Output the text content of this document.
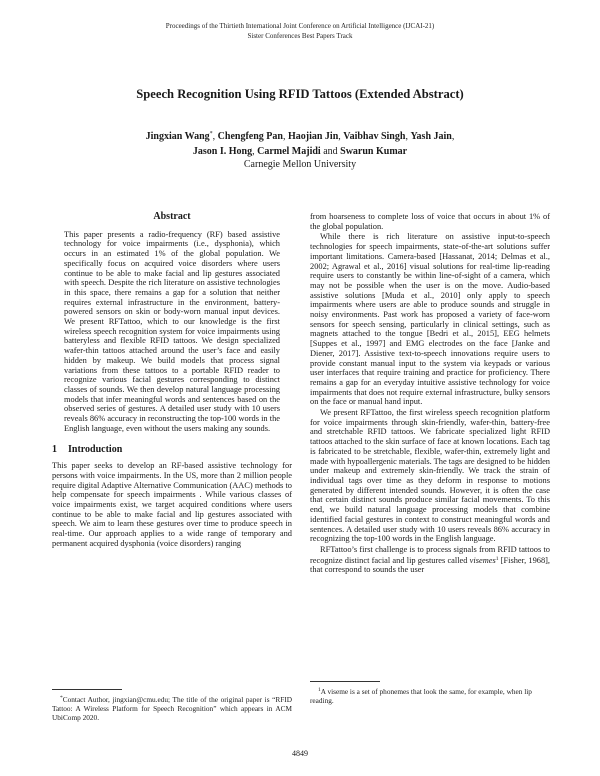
Proceedings of the Thirtieth International Joint Conference on Artificial Intelligence (IJCAI-21)
Sister Conferences Best Papers Track
Speech Recognition Using RFID Tattoos (Extended Abstract)
Jingxian Wang*, Chengfeng Pan, Haojian Jin, Vaibhav Singh, Yash Jain,
Jason I. Hong, Carmel Majidi and Swarun Kumar
Carnegie Mellon University
Abstract
This paper presents a radio-frequency (RF) based assistive technology for voice impairments (i.e., dysphonia), which occurs in an estimated 1% of the global population. We specifically focus on acquired voice disorders where users continue to be able to make facial and lip gestures associated with speech. Despite the rich literature on assistive technologies in this space, there remains a gap for a solution that neither requires external infrastructure in the environment, battery-powered sensors on skin or body-worn manual input devices. We present RFTattoo, which to our knowledge is the first wireless speech recognition system for voice impairments using batteryless and flexible RFID tattoos. We design specialized wafer-thin tattoos attached around the user’s face and easily hidden by makeup. We build models that process signal variations from these tattoos to a portable RFID reader to recognize various facial gestures corresponding to distinct classes of sounds. We then develop natural language processing models that infer meaningful words and sentences based on the observed series of gestures. A detailed user study with 10 users reveals 86% accuracy in reconstructing the top-100 words in the English language, even without the users making any sounds.
1 Introduction

This paper seeks to develop an RF-based assistive technology for persons with voice impairments. In the US, more than 2 million people require digital Adaptive Alternative Communication (AAC) methods to help compensate for speech impairments . While various classes of voice impairments exist, we target acquired conditions where users continue to be able to make facial and lip gestures associated with speech. We aim to learn these gestures over time to produce speech in real-time. Our approach applies to a wide range of temporary and permanent acquired dysphonia (voice disorders) ranging

from hoarseness to complete loss of voice that occurs in about 1% of the global population.

While there is rich literature on assistive input-to-speech technologies for speech impairments, state-of-the-art solutions suffer important limitations. Camera-based [Hassanat, 2014; Delmas et al., 2002; Agrawal et al., 2016] visual solutions for real-time lip-reading require users to constantly be within line-of-sight of a camera, which may not be possible when the user is on the move. Audio-based assistive solutions [Muda et al., 2010] only apply to speech impairments where users are able to produce sounds and struggle in noisy environments. Past work has proposed a variety of face-worn sensors for speech sensing, particularly in clinical settings, such as magnets attached to the tongue [Bedri et al., 2015], EEG helmets [Suppes et al., 1997] and EMG electrodes on the face [Janke and Diener, 2017]. Assistive text-to-speech innovations require users to provide constant manual input to the system via keypads or various user interfaces that require training and practice for proficiency. There remains a gap for an everyday intuitive assistive technology for voice impairments that does not require external infrastructure, bulky sensors on the face or manual hand input.

We present RFTattoo, the first wireless speech recognition platform for voice impairments through skin-friendly, wafer-thin, battery-free and stretchable RFID tattoos. We fabricate specialized light RFID tattoos attached to the skin surface of face at known locations. Each tag is fabricated to be stretchable, flexible, wafer-thin, extremely light and made with hypoallergenic materials. The tags are designed to be hidden under makeup and extremely skin-friendly. We track the strain of individual tags over time as they deform in response to motions generated by different intended sounds. However, it is often the case that certain distinct sounds produce similar facial movements. To this end, we build natural language processing models that combine identified facial gestures in context to construct meaningful words and sentences. A detailed user study with 10 users reveals 86% accuracy in recognizing the top-100 words in the English language.

RFTattoo’s first challenge is to process signals from RFID tattoos to recognize distinct facial and lip gestures called visemes$^1$ [Fisher, 1968], that correspond to sounds the user

*Contact Author, jingxian@cmu.edu; The title of the original paper is “RFID Tattoo: A Wireless Platform for Speech Recognition” which appears in ACM UbiComp 2020.
$^1$A viseme is a set of phonemes that look the same, for example, when lip reading.
4849
